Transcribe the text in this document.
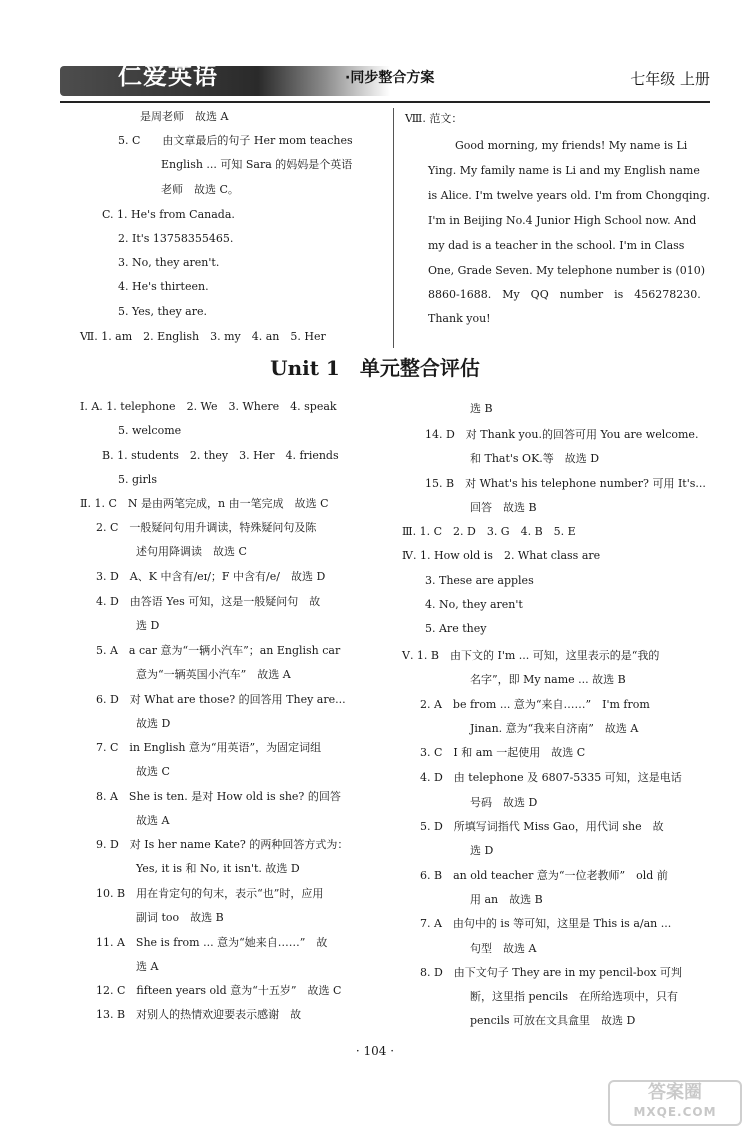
仁爱英语	·同步整合方案	七年级 上册
是周老师　故选 A
5. C　　由文章最后的句子 Her mom teaches
English ... 可知 Sara 的妈妈是个英语
老师　故选 C。
C. 1. He's from Canada.
2. It's 13758355465.
3. No, they aren't.
4. He's thirteen.
5. Yes, they are.
Ⅶ. 1. am　2. English　3. my　4. an　5. Her
Ⅷ. 范文：
Good morning, my friends! My name is Li
Ying. My family name is Li and my English name
is Alice. I'm twelve years old. I'm from Chongqing.
I'm in Beijing No.4 Junior High School now. And
my dad is a teacher in the school. I'm in Class
One, Grade Seven. My telephone number is (010)
8860-1688.　My　QQ　number　is　456278230.
Thank you!
Unit 1　单元整合评估
Ⅰ. A. 1. telephone　2. We　3. Where　4. speak
5. welcome
B. 1. students　2. they　3. Her　4. friends
5. girls
Ⅱ. 1. C　N 是由两笔完成，n 由一笔完成　故选 C
2. C　一般疑问句用升调读，特殊疑问句及陈
述句用降调读　故选 C
3. D　A、K 中含有/eɪ/；F 中含有/e/　故选 D
4. D　由答语 Yes 可知，这是一般疑问句　故
选 D
5. A　a car 意为“一辆小汽车”；an English car
意为“一辆英国小汽车”　故选 A
6. D　对 What are those? 的回答用 They are...
故选 D
7. C　in English 意为“用英语”，为固定词组
故选 C
8. A　She is ten. 是对 How old is she? 的回答
故选 A
9. D　对 Is her name Kate? 的两种回答方式为：
Yes, it is 和 No, it isn't. 故选 D
10. B　用在肯定句的句末，表示“也”时，应用
副词 too　故选 B
11. A　She is from ... 意为“她来自……”　故
选 A
12. C　fifteen years old 意为“十五岁”　故选 C
13. B　对别人的热情欢迎要表示感谢　故
选 B
14. D　对 Thank you.的回答可用 You are welcome.
和 That's OK.等　故选 D
15. B　对 What's his telephone number? 可用 It's...
回答　故选 B
Ⅲ. 1. C　2. D　3. G　4. B　5. E
Ⅳ. 1. How old is　2. What class are
3. These are apples
4. No, they aren't
5. Are they
Ⅴ. 1. B　由下文的 I'm ... 可知，这里表示的是“我的
名字”，即 My name ... 故选 B
2. A　be from ... 意为“来自……”　I'm from
Jinan. 意为“我来自济南”　故选 A
3. C　I 和 am 一起使用　故选 C
4. D　由 telephone 及 6807-5335 可知，这是电话
号码　故选 D
5. D　所填写词指代 Miss Gao，用代词 she　故
选 D
6. B　an old teacher 意为“一位老教师”　old 前
用 an　故选 B
7. A　由句中的 is 等可知，这里是 This is a/an ...
句型　故选 A
8. D　由下文句子 They are in my pencil-box 可判
断，这里指 pencils　在所给选项中，只有
pencils 可放在文具盒里　故选 D
· 104 ·
答案圈
MXQE.COM
